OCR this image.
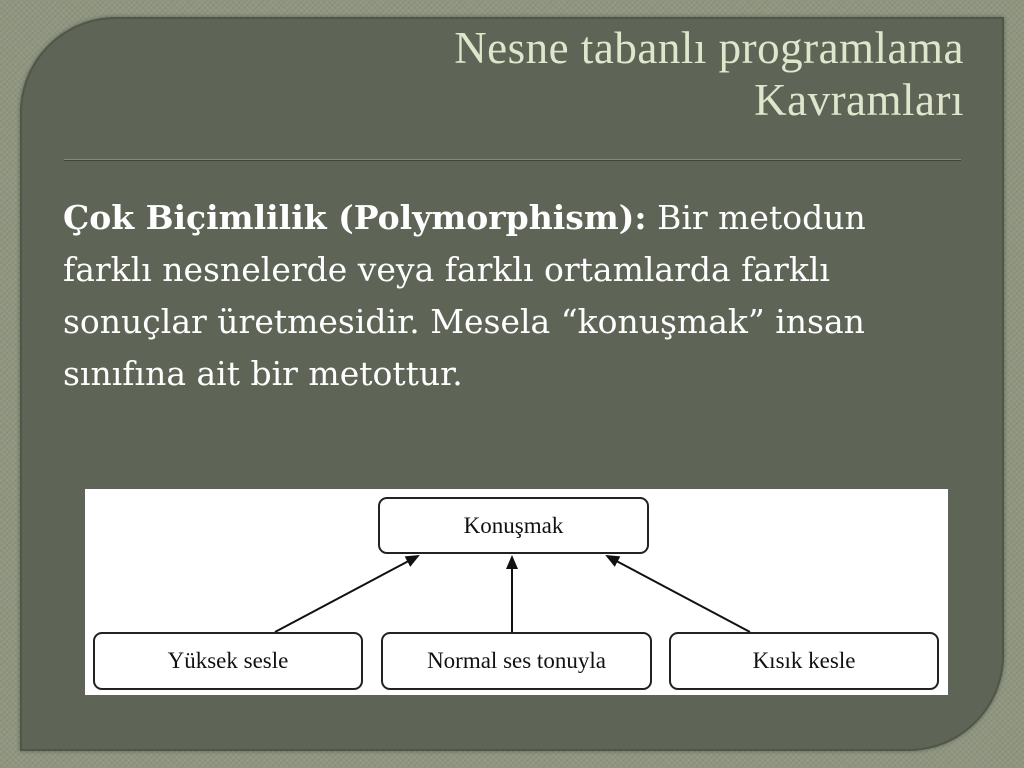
Nesne tabanlı programlama
Kavramları

Çok Biçimlilik (Polymorphism): Bir metodun farklı nesnelerde veya farklı ortamlarda farklı sonuçlar üretmesidir. Mesela “konuşmak” insan sınıfına ait bir metottur.

Konuşmak
Yüksek sesle	Normal ses tonuyla	Kısık kesle
